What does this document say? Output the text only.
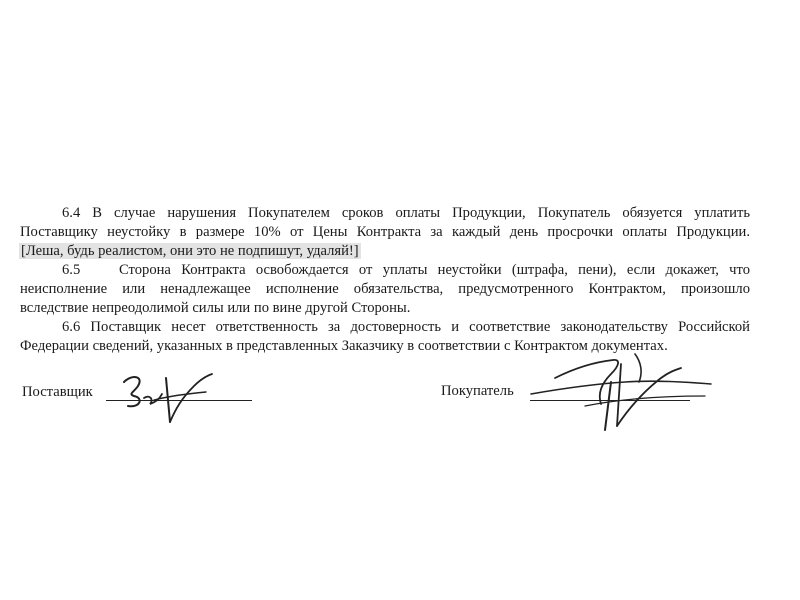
6.4 В случае нарушения Покупателем сроков оплаты Продукции, Покупатель обязуется уплатить
Поставщику неустойку в размере 10% от Цены Контракта за каждый день просрочки оплаты Продукции.
[Леша, будь реалистом, они это не подпишут, удаляй!]
6.5	Сторона Контракта освобождается от уплаты неустойки (штрафа, пени), если докажет, что
неисполнение или ненадлежащее исполнение обязательства, предусмотренного Контрактом, произошло
вследствие непреодолимой силы или по вине другой Стороны.
6.6 Поставщик несет ответственность за достоверность и соответствие законодательству Российской
Федерации сведений, указанных в представленных Заказчику в соответствии с Контрактом документах.
Поставщик	Покупатель
